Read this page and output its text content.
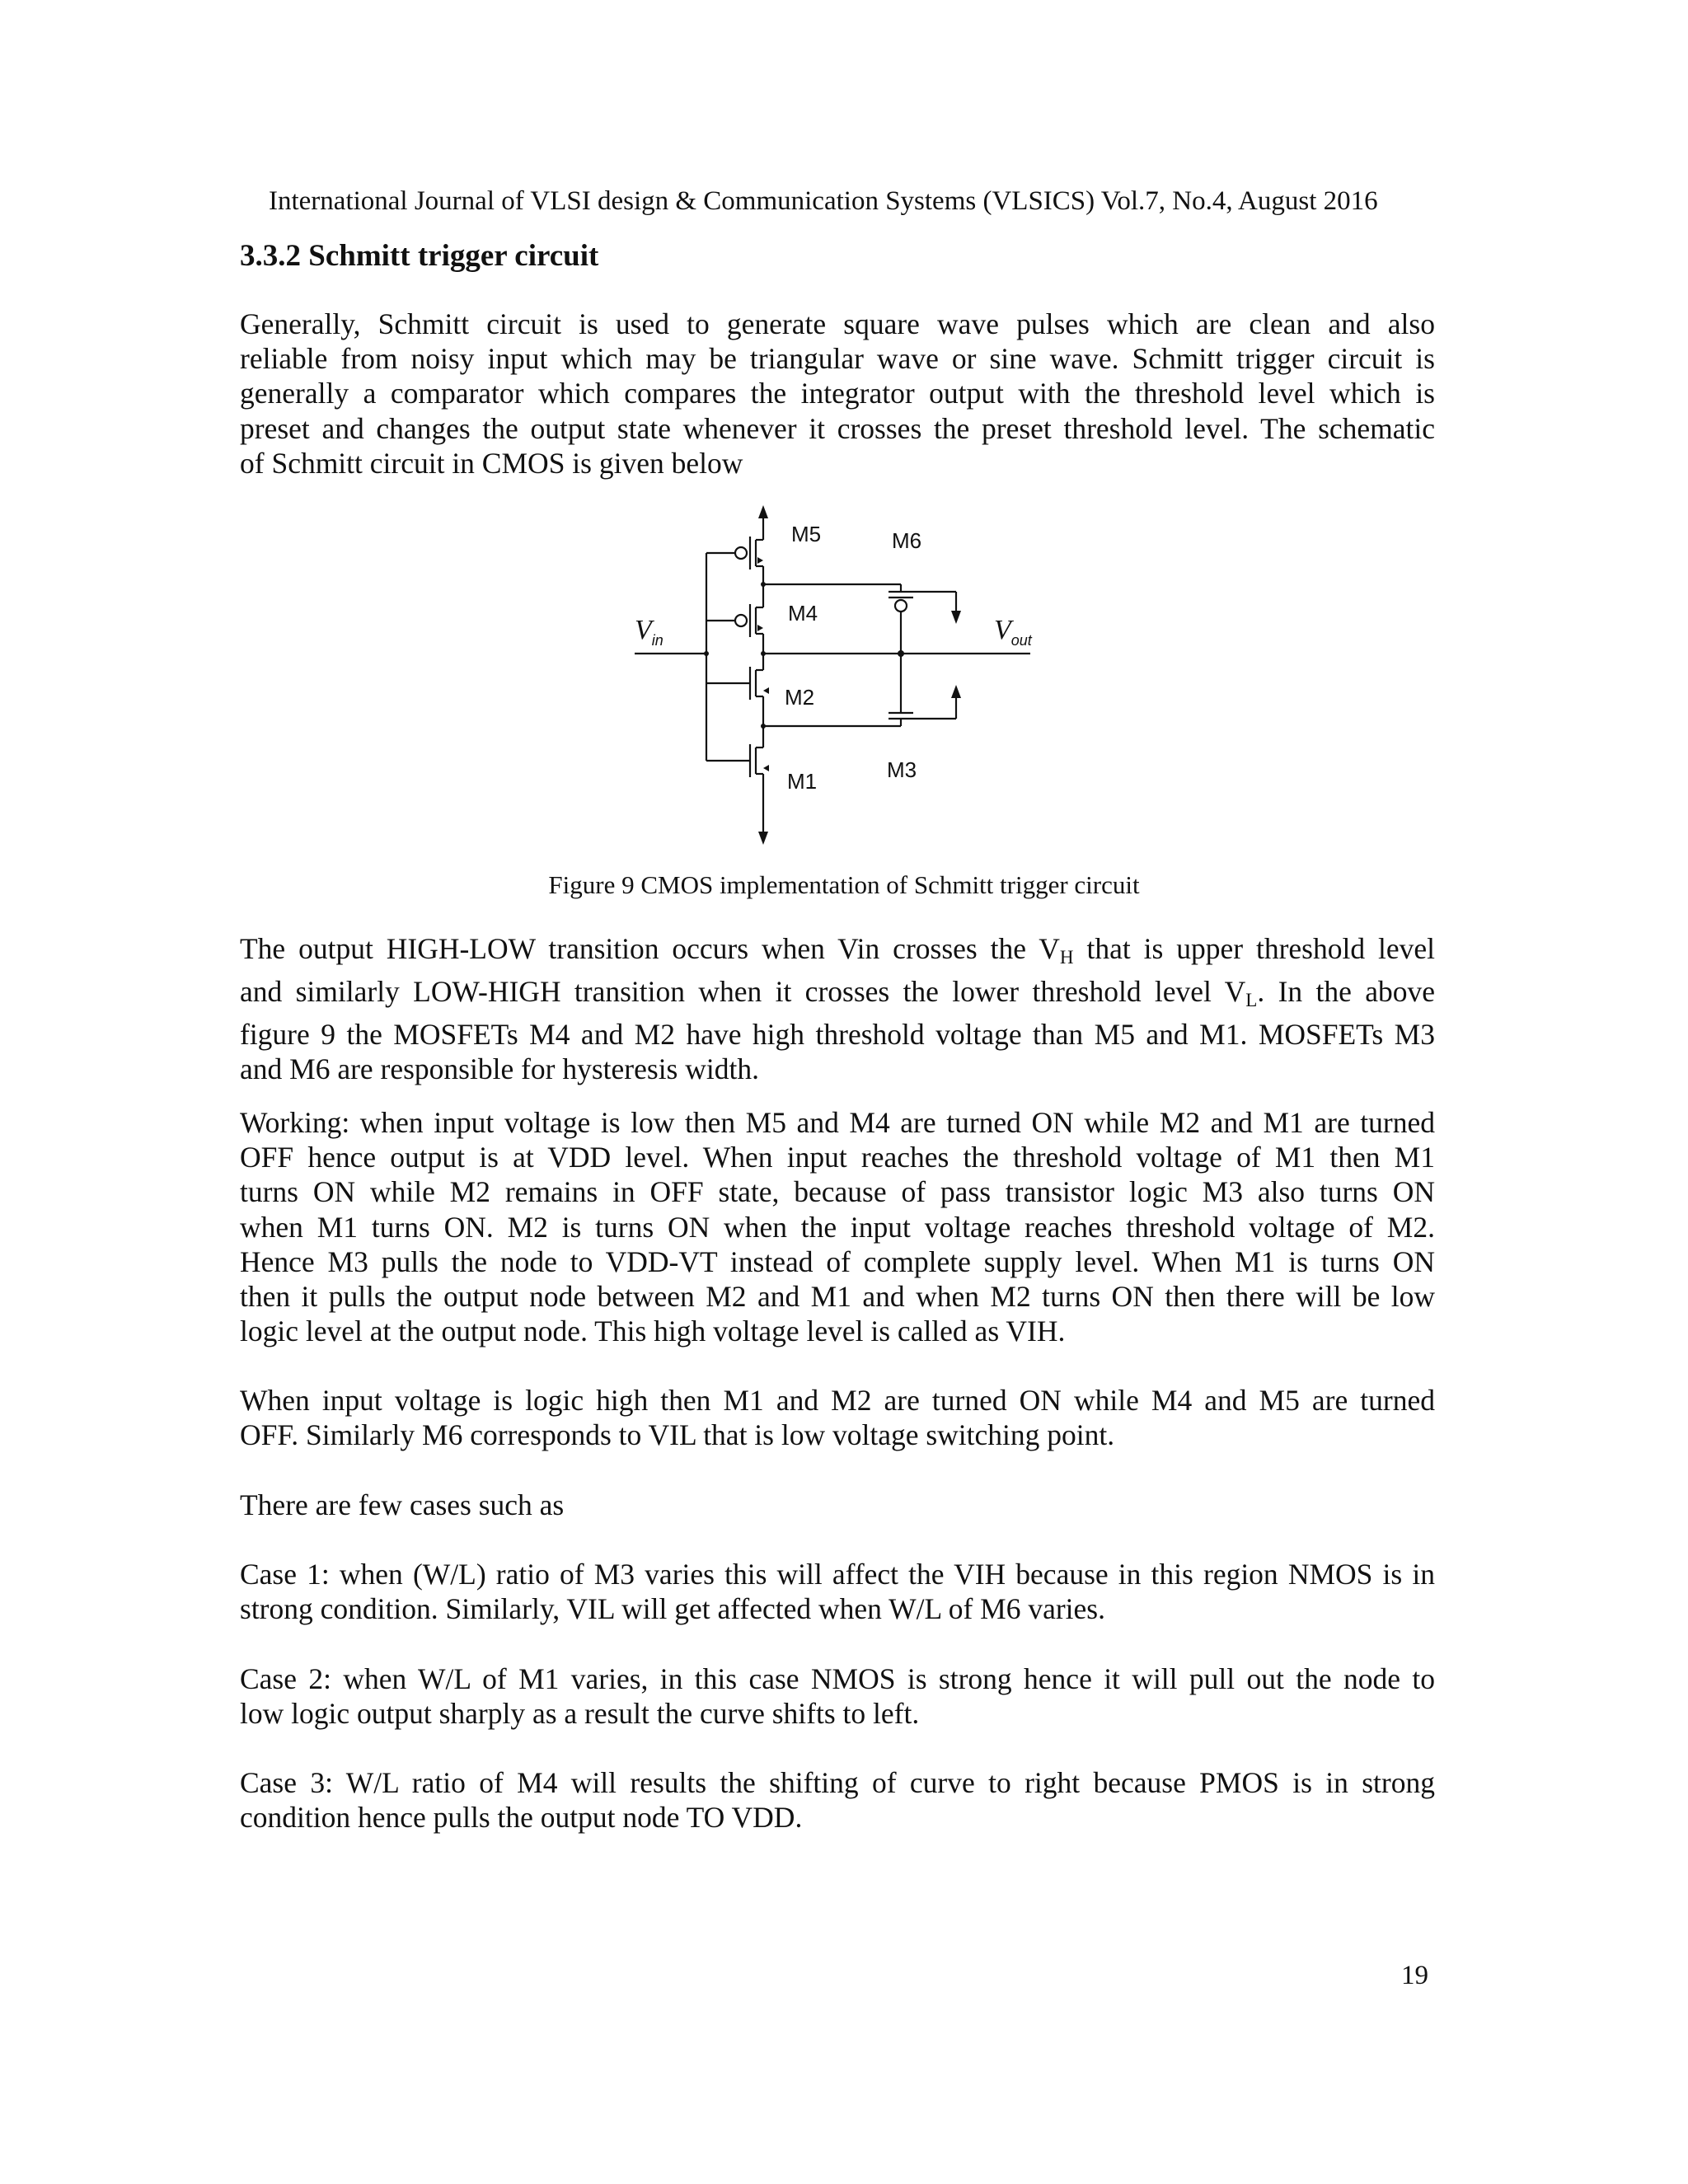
International Journal of VLSI design & Communication Systems (VLSICS) Vol.7, No.4, August 2016
3.3.2 Schmitt trigger circuit

Generally, Schmitt circuit is used to generate square wave pulses which are clean and also
reliable from noisy input which may be triangular wave or sine wave. Schmitt trigger circuit is
generally a comparator which compares the integrator output with the threshold level which is
preset and changes the output state whenever it crosses the preset threshold level. The schematic
of Schmitt circuit in CMOS is given below

M5	M6
M4
M2
M3
M1
$V_{in}$	$V_{out}$
Figure 9 CMOS implementation of Schmitt trigger circuit

The output HIGH-LOW transition occurs when Vin crosses the $V_H$ that is upper threshold level
and similarly LOW-HIGH transition when it crosses the lower threshold level $V_L$. In the above
figure 9 the MOSFETs M4 and M2 have high threshold voltage than M5 and M1. MOSFETs M3
and M6 are responsible for hysteresis width.

Working: when input voltage is low then M5 and M4 are turned ON while M2 and M1 are turned
OFF hence output is at VDD level. When input reaches the threshold voltage of M1 then M1
turns ON while M2 remains in OFF state, because of pass transistor logic M3 also turns ON
when M1 turns ON. M2 is turns ON when the input voltage reaches threshold voltage of M2.
Hence M3 pulls the node to VDD-VT instead of complete supply level. When M1 is turns ON
then it pulls the output node between M2 and M1 and when M2 turns ON then there will be low
logic level at the output node. This high voltage level is called as VIH.

When input voltage is logic high then M1 and M2 are turned ON while M4 and M5 are turned
OFF. Similarly M6 corresponds to VIL that is low voltage switching point.

There are few cases such as

Case 1: when (W/L) ratio of M3 varies this will affect the VIH because in this region NMOS is in
strong condition. Similarly, VIL will get affected when W/L of M6 varies.

Case 2: when W/L of M1 varies, in this case NMOS is strong hence it will pull out the node to
low logic output sharply as a result the curve shifts to left.

Case 3: W/L ratio of M4 will results the shifting of curve to right because PMOS is in strong
condition hence pulls the output node TO VDD.

19
